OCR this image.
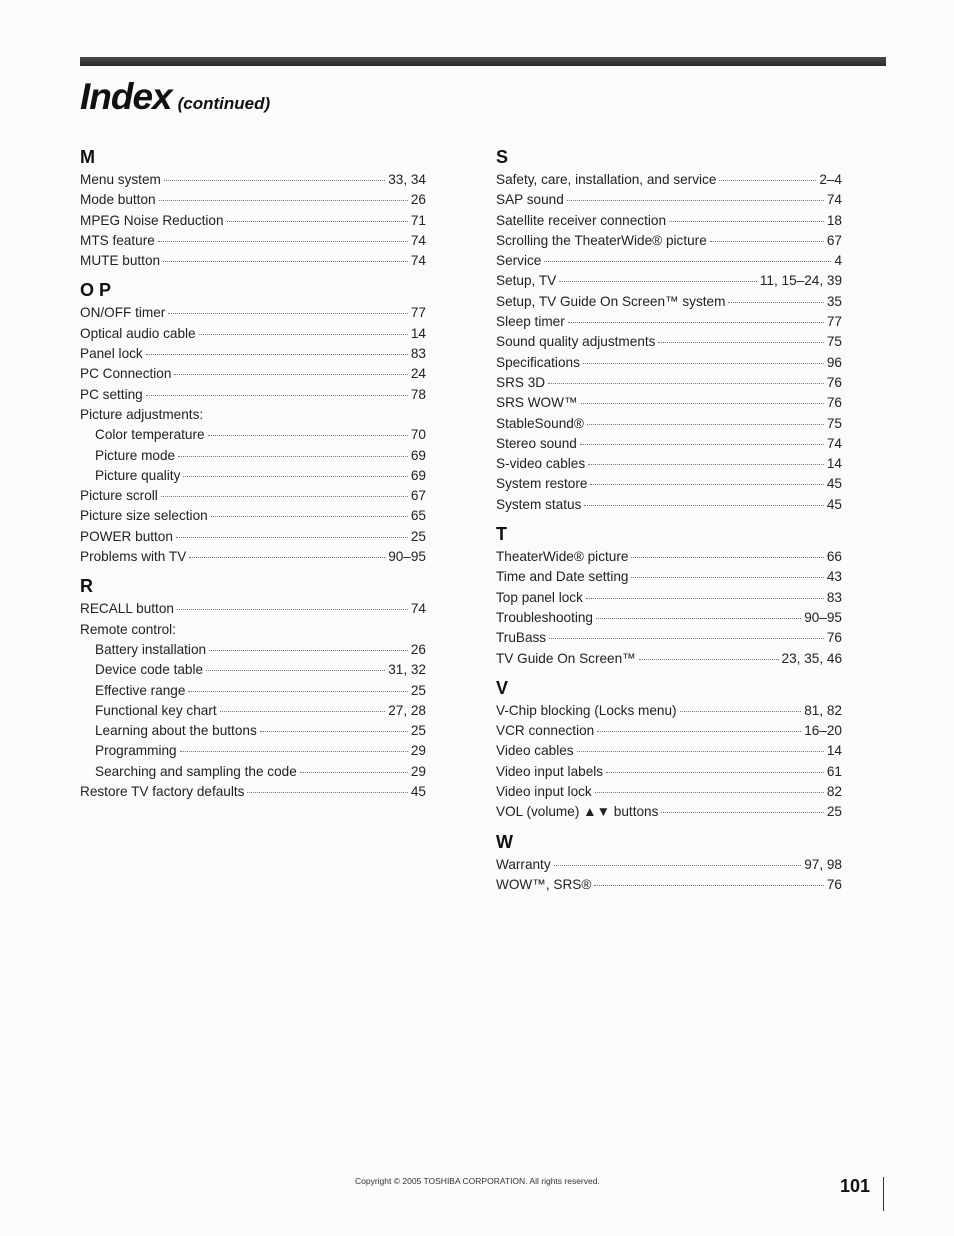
Index (continued)
M
Menu system	33, 34
Mode button	26
MPEG Noise Reduction	71
MTS feature	74
MUTE button	74
O P
ON/OFF timer	77
Optical audio cable	14
Panel lock	83
PC Connection	24
PC setting	78
Picture adjustments:
Color temperature	70
Picture mode	69
Picture quality	69
Picture scroll	67
Picture size selection	65
POWER button	25
Problems with TV	90–95
R
RECALL button	74
Remote control:
Battery installation	26
Device code table	31, 32
Effective range	25
Functional key chart	27, 28
Learning about the buttons	25
Programming	29
Searching and sampling the code	29
Restore TV factory defaults	45
S
Safety, care, installation, and service	2–4
SAP sound	74
Satellite receiver connection	18
Scrolling the TheaterWide® picture	67
Service	4
Setup, TV	11, 15–24, 39
Setup, TV Guide On Screen™ system	35
Sleep timer	77
Sound quality adjustments	75
Specifications	96
SRS 3D	76
SRS WOW™	76
StableSound®	75
Stereo sound	74
S-video cables	14
System restore	45
System status	45
T
TheaterWide® picture	66
Time and Date setting	43
Top panel lock	83
Troubleshooting	90–95
TruBass	76
TV Guide On Screen™	23, 35, 46
V
V-Chip blocking (Locks menu)	81, 82
VCR connection	16–20
Video cables	14
Video input labels	61
Video input lock	82
VOL (volume) ▲▼ buttons	25
W
Warranty	97, 98
WOW™, SRS®	76
Copyright © 2005 TOSHIBA CORPORATION. All rights reserved.	101
